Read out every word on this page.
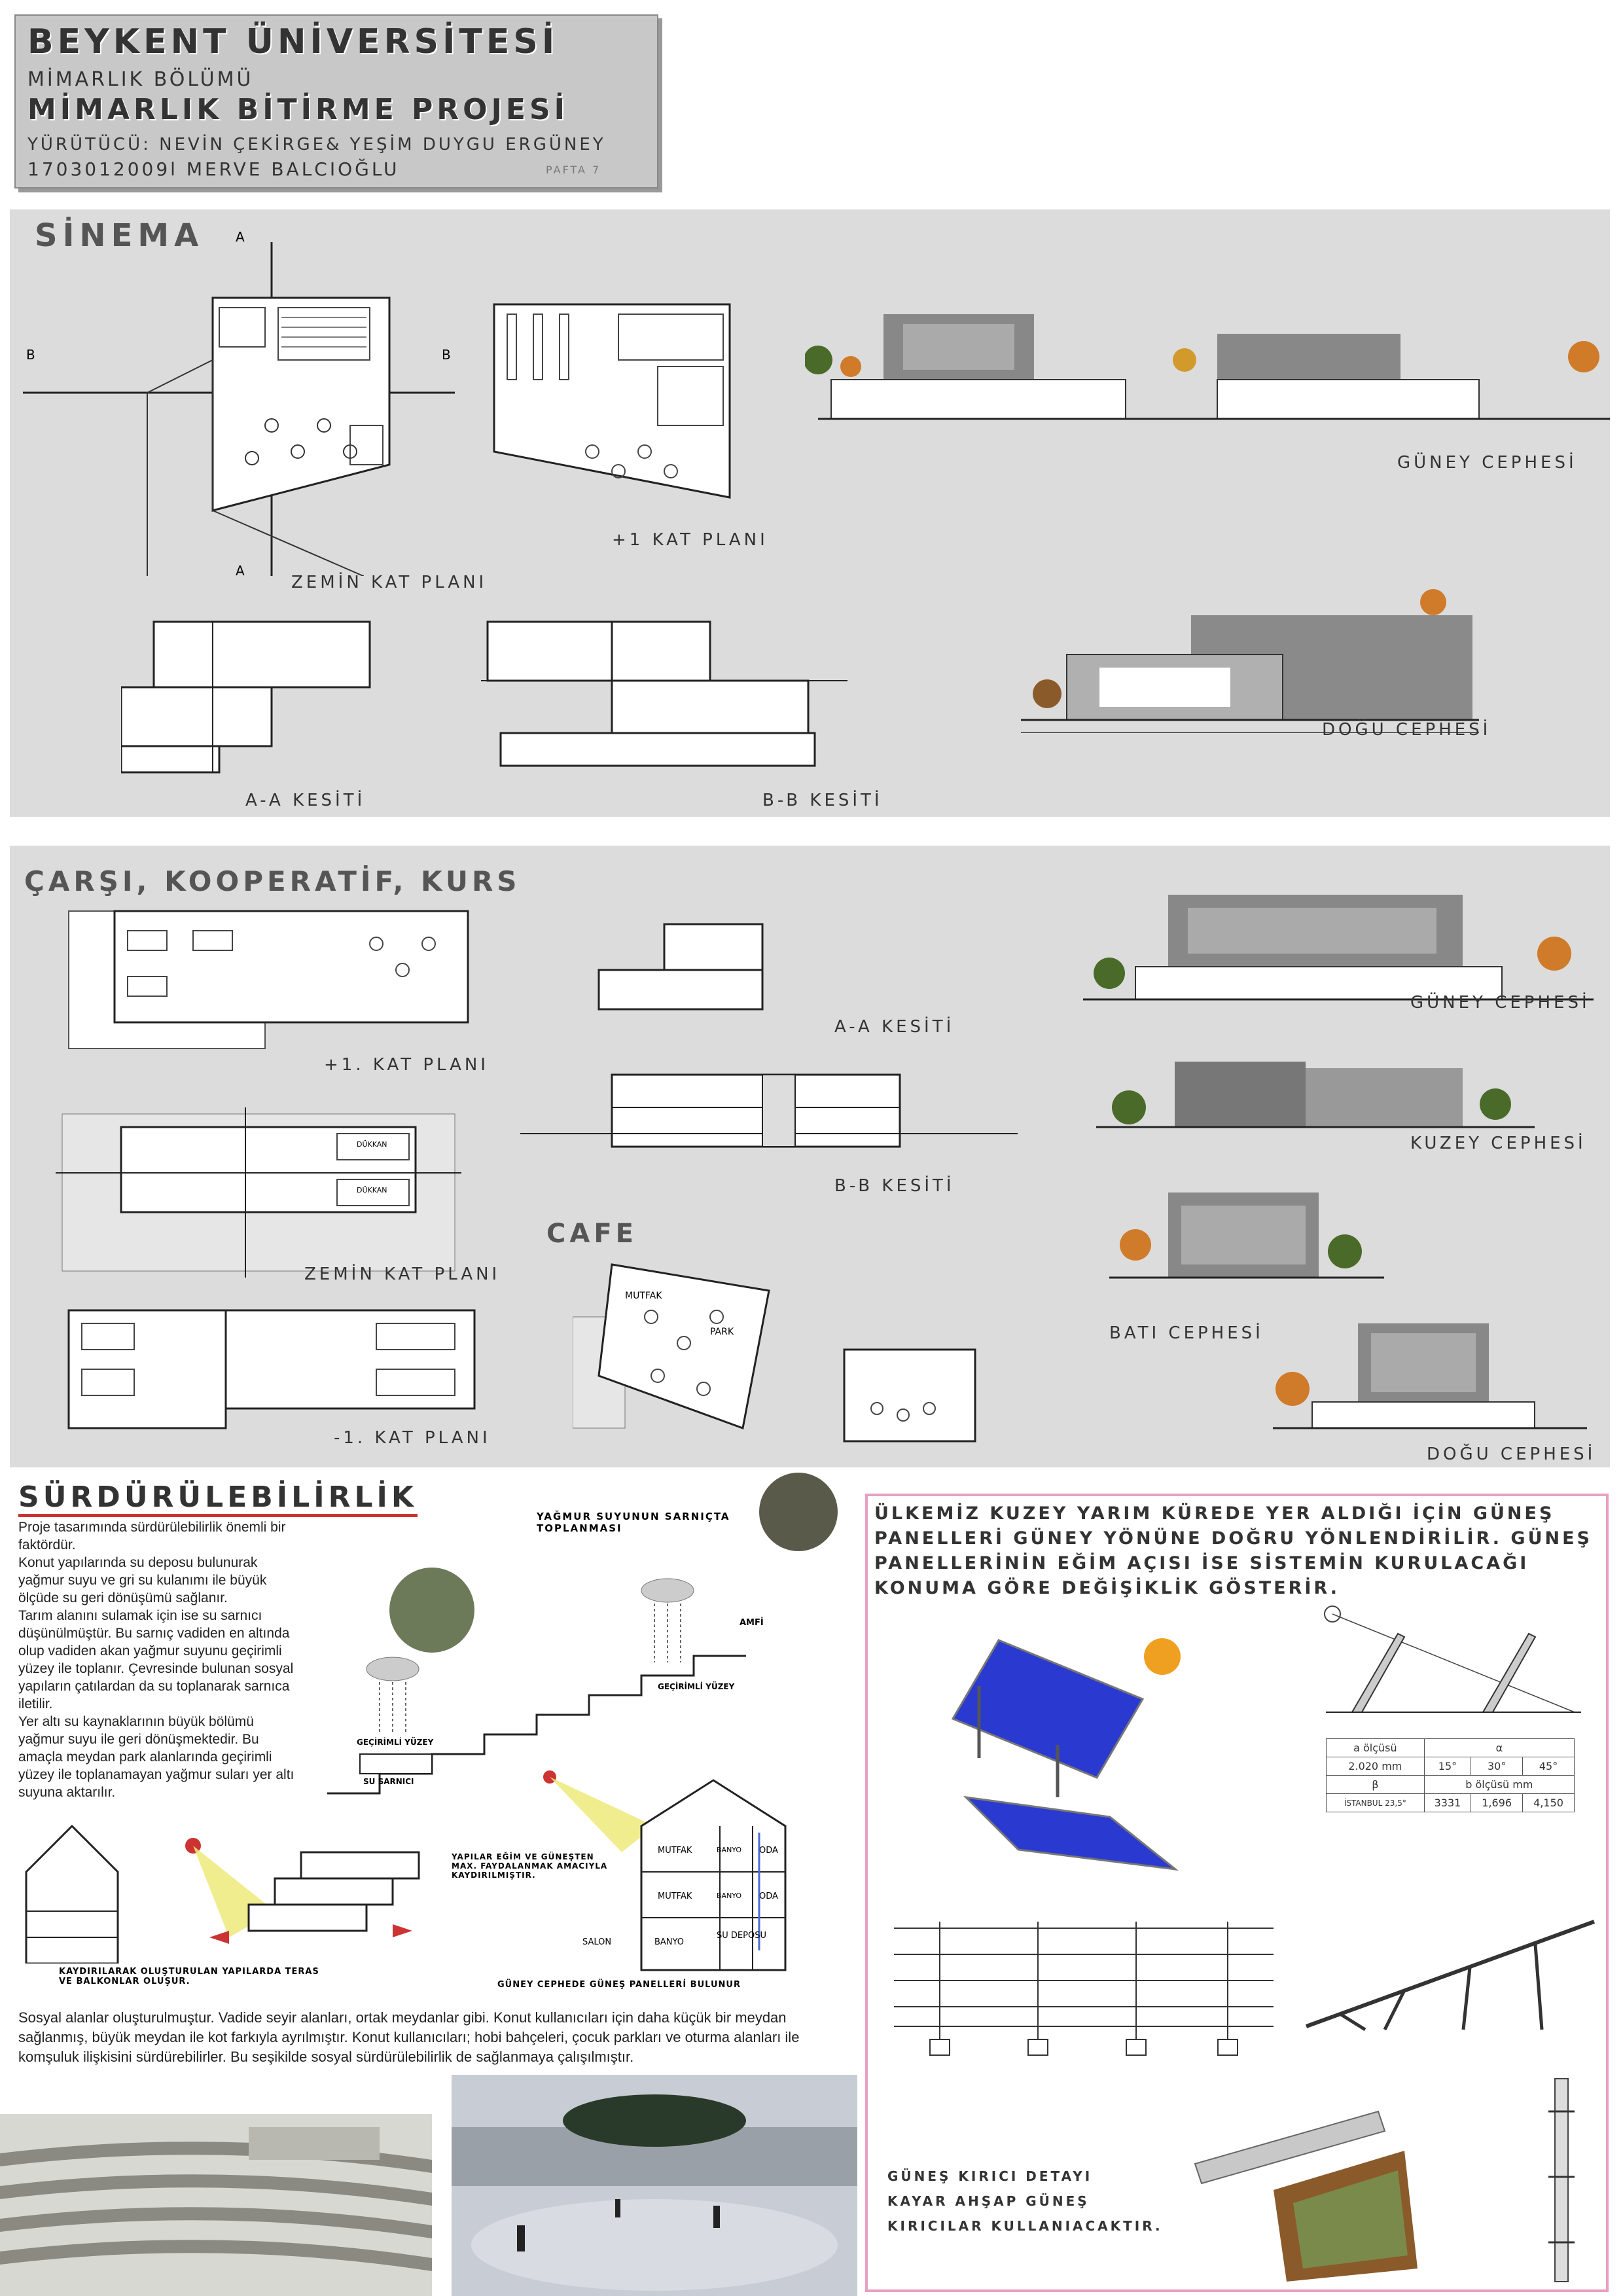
BEYKENT ÜNİVERSİTESİ
MİMARLIK BÖLÜMÜ
MİMARLIK BİTİRME PROJESİ
YÜRÜTÜCÜ: NEVİN ÇEKİRGE& YEŞİM DUYGU ERGÜNEY
1703012009l MERVE BALCIOĞLU	PAFTA 7
SİNEMA A
A
B	B
ZEMİN KAT PLANI
+1 KAT PLANI
A-A KESİTİ	B-B KESİTİ
GÜNEY CEPHESİ
DOĞU CEPHESİ
ÇARŞI, KOOPERATİF, KURS
+1. KAT PLANI
DÜKKAN
DÜKKAN
ZEMİN KAT PLANI
-1. KAT PLANI
A-A KESİTİ
B-B KESİTİ
CAFE
MUTFAK
PARK
GÜNEY CEPHESİ
KUZEY CEPHESİ
BATI CEPHESİ
DOĞU CEPHESİ
SÜRDÜRÜLEBİLİRLİK
Proje tasarımında sürdürülebilirlik önemli bir faktördür.
Konut yapılarında su deposu bulunurak yağmur suyu ve gri su kulanımı ile büyük ölçüde su geri dönüşümü sağlanır.
Tarım alanını sulamak için ise su sarnıcı düşünülmüştür. Bu sarnıç vadiden en altında olup vadiden akan yağmur suyunu geçirimli yüzey ile toplanır. Çevresinde bulunan sosyal yapıların çatılardan da su toplanarak sarnıca iletilir.
Yer altı su kaynaklarının büyük bölümü yağmur suyu ile geri dönüşmektedir. Bu amaçla meydan park alanlarında geçirimli yüzey ile toplanamayan yağmur suları yer altı suyuna aktarılır.
YAĞMUR SUYUNUN SARNIÇTA TOPLANMASI
AMFİ
GEÇİRİMLİ YÜZEY
GEÇİRİMLİ YÜZEY
SU SARNICI
KAYDIRILARAK OLUŞTURULAN YAPILARDA TERAS VE BALKONLAR OLUŞUR.
YAPILAR EĞİM VE GÜNEŞTEN MAX. FAYDALANMAK AMACIYLA KAYDIRILMIŞTIR.
MUTFAK	BANYO ODA
MUTFAK	BANYO ODA
SALON	BANYO
SU DEPOSU
GÜNEY CEPHEDE GÜNEŞ PANELLERİ BULUNUR
Sosyal alanlar oluşturulmuştur. Vadide seyir alanları, ortak meydanlar gibi. Konut kullanıcıları için daha küçük bir meydan sağlanmış, büyük meydan ile kot farkıyla ayrılmıştır. Konut kullanıcıları; hobi bahçeleri, çocuk parkları ve oturma alanları ile komşuluk ilişkisini sürdürebilirler. Bu seşikilde sosyal sürdürülebilirlik de sağlanmaya çalışılmıştır.
ÜLKEMİZ KUZEY YARIM KÜREDE YER ALDIĞI İÇİN GÜNEŞ PANELLERİ GÜNEY YÖNÜNE DOĞRU YÖNLENDİRİLİR. GÜNEŞ PANELLERİNİN EĞİM AÇISI İSE SİSTEMİN KURULACAĞI KONUMA GÖRE DEĞİŞİKLİK GÖSTERİR.
a ölçüsü	α		
2.020 mm	15°	30°	45°
β	b ölçüsü mm		
İSTANBUL 23,5°	3331	1,696	4,150
GÜNEŞ KIRICI DETAYI
KAYAR AHŞAP GÜNEŞ
KIRICILAR KULLANIACAKTIR.
